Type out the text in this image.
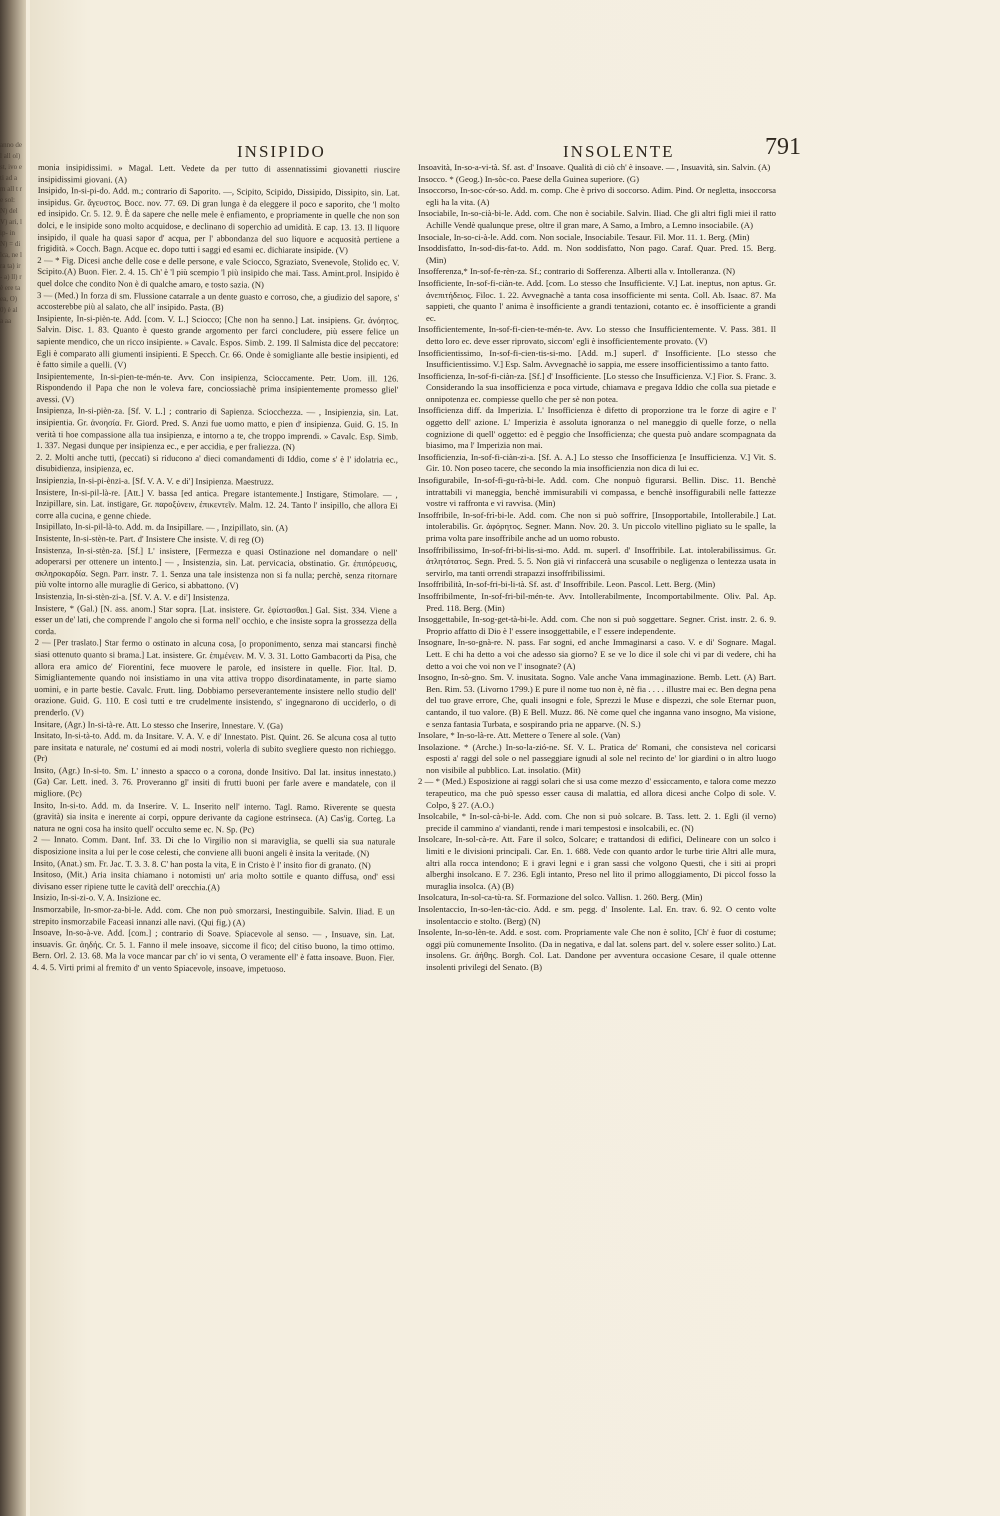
anno del all ol) st, ivo eti ad am all t re sol: N) del V) ari, lip- in N) = di lca, ne lra ta) ir- a) ll) rè ere ta ea, O) 0) è al a aa
INSIPIDO	INSOLENTE	791

monia insipidissimi. » Magal. Lett. Vedete da per tutto di assennatissimi giovanetti riuscire insipidissimi giovani. (A)

Insipido, In-si-pi-do. Add. m.; contrario di Saporito. —, Scipito, Scipido, Dissipido, Dissipito, sin. Lat. insipidus. Gr. ἄγευστος. Bocc. nov. 77. 69. Di gran lunga è da eleggere il poco e saporito, che 'l molto ed insipido. Cr. 5. 12. 9. È da sapere che nelle mele è enfiamento, e propriamente in quelle che non son dolci, e le insipide sono molto acquidose, e declinano di soperchio ad umidità. E cap. 13. 13. Il liquore insipido, il quale ha quasi sapor d' acqua, per l' abbondanza del suo liquore e acquosità pertiene a frigidità. » Cocch. Bagn. Acque ec. dopo tutti i saggi ed esami ec. dichiarate insipide. (V)

2 — * Fig. Dicesi anche delle cose e delle persone, e vale Sciocco, Sgraziato, Svenevole, Stolido ec. V. Scipito.(A) Buon. Fier. 2. 4. 15. Ch' è 'l più scempio 'l più insipido che mai. Tass. Amint.prol. Insipido è quel dolce che condito Non è di qualche amaro, e tosto sazia. (N)

3 — (Med.) In forza di sm. Flussione catarrale a un dente guasto e corroso, che, a giudizio del sapore, s' accosterebbe più al salato, che all' insipido. Pasta. (B)

Insipiente, In-si-pièn-te. Add. [com. V. L.] Sciocco; [Che non ha senno.] Lat. insipiens. Gr. ἀνόητος. Salvin. Disc. 1. 83. Quanto è questo grande argomento per farci concludere, più essere felice un sapiente mendico, che un ricco insipiente. » Cavalc. Espos. Simb. 2. 199. Il Salmista dice del peccatore: Egli è comparato alli giumenti insipienti. E Specch. Cr. 66. Onde è somigliante alle bestie insipienti, ed è fatto simile a quelli. (V)

Insipientemente, In-si-pien-te-mén-te. Avv. Con insipienza, Scioccamente. Petr. Uom. ill. 126. Rispondendo il Papa che non le voleva fare, conciossiachè prima insipientemente promesso gliel' avessi. (V)

Insipienza, In-si-pièn-za. [Sf. V. L.] ; contrario di Sapienza. Sciocchezza. — , Insipienzia, sin. Lat. insipientia. Gr. ἀνοησία. Fr. Giord. Pred. S. Anzi fue uomo matto, e pien d' insipienza. Guid. G. 15. In verità ti hoe compassione alla tua insipienza, e intorno a te, che troppo imprendi. » Cavalc. Esp. Simb. 1. 337. Negasi dunque per insipienza ec., e per accidia, e per fraliezza. (N)

2. 2. Molti anche tutti, (peccati) si riducono a' dieci comandamenti di Iddio, come s' è l' idolatria ec., disubidienza, insipienza, ec.

Insipienzia, In-si-pi-ènzi-a. [Sf. V. A. V. e di'] Insipienza. Maestruzz.

Insistere, In-si-pil-là-re. [Att.] V. bassa [ed antica. Pregare istantemente.] Instigare, Stimolare. — , Inzipillare, sin. Lat. instigare, Gr. παροξύνειν, ἐπικεντεῖν. Malm. 12. 24. Tanto l' insipillo, che allora Ei corre alla cucina, e genne chiede.

Insipillato, In-si-pil-là-to. Add. m. da Insipillare. — , Inzipillato, sin. (A)

Insistente, In-si-stèn-te. Part. d' Insistere Che insiste. V. di reg (O)

Insistenza, In-si-stèn-za. [Sf.] L' insistere, [Fermezza e quasi Ostinazione nel domandare o nell' adoperarsi per ottenere un intento.] — , Insistenzia, sin. Lat. pervicacia, obstinatio. Gr. ἐπιπόρευσις, σκληροκαρδία. Segn. Parr. instr. 7. 1. Senza una tale insistenza non si fa nulla; perchè, senza ritornare più volte intorno alle muraglie di Gerico, si abbattono. (V)

Insistenzia, In-si-stèn-zi-a. [Sf. V. A. V. e di'] Insistenza.

Insistere, * (Gal.) [N. ass. anom.] Star sopra. [Lat. insistere. Gr. ἐφίστασθαι.] Gal. Sist. 334. Viene a esser un de' lati, che comprende l' angolo che si forma nell' occhio, e che insiste sopra la grossezza della corda.

2 — [Per traslato.] Star fermo o ostinato in alcuna cosa, [o proponimento, senza mai stancarsi finchè siasi ottenuto quanto si brama.] Lat. insistere. Gr. ἐπιμένειν. M. V. 3. 31. Lotto Gambacorti da Pisa, che allora era amico de' Fiorentini, fece muovere le parole, ed insistere in quelle. Fior. Ital. D. Simigliantemente quando noi insistiamo in una vita attiva troppo disordinatamente, in parte siamo uomini, e in parte bestie. Cavalc. Frutt. ling. Dobbiamo perseverantemente insistere nello studio dell' orazione. Guid. G. 110. E così tutti e tre crudelmente insistendo, s' ingegnarono di ucciderlo, o di prenderlo. (V)

Insitare, (Agr.) In-si-tà-re. Att. Lo stesso che Inserire, Innestare. V. (Ga)

Insitato, In-si-tà-to. Add. m. da Insitare. V. A. V. e di' Innestato. Pist. Quint. 26. Se alcuna cosa al tutto pare insitata e naturale, ne' costumi ed ai modi nostri, volerla di subito svegliere questo non richieggo. (Pr)

Insito, (Agr.) In-si-to. Sm. L' innesto a spacco o a corona, donde Insitivo. Dal lat. insitus innestato.) (Ga) Car. Lett. ined. 3. 76. Proveranno gl' insiti di frutti buoni per farle avere e mandatele, con il migliore. (Pc)

Insito, In-si-to. Add. m. da Inserire. V. L. Inserito nell' interno. Tagl. Ramo. Riverente se questa (gravità) sia insita e inerente ai corpi, oppure derivante da cagione estrinseca. (A) Cas'ig. Corteg. La natura ne ogni cosa ha insito quell' occulto seme ec. N. Sp. (Pc)

2 — Innato. Comm. Dant. Inf. 33. Di che lo Virgilio non si maraviglia, se quelli sia sua naturale disposizione insita a lui per le cose celesti, che conviene alli buoni angeli è insita la veritade. (N)

Insito, (Anat.) sm. Fr. Jac. T. 3. 3. 8. C' han posta la vita, E in Cristo è l' insito fior di granato. (N)

Insitoso, (Mit.) Aria insita chiamano i notomisti un' aria molto sottile e quanto diffusa, ond' essi divisano esser ripiene tutte le cavità dell' orecchia.(A)

Insizio, In-si-zi-o. V. A. Insizione ec.

Insmorzabile, In-smor-za-bi-le. Add. com. Che non può smorzarsi, Inestinguibile. Salvin. Iliad. E un strepito insmorzabile Faceasi innanzi alle navi. (Qui fig.) (A)

Insoave, In-so-à-ve. Add. [com.] ; contrario di Soave. Spiacevole al senso. — , Insuave, sin. Lat. insuavis. Gr. ἀηδής. Cr. 5. 1. Fanno il mele insoave, siccome il fico; del citiso buono, la timo ottimo. Bern. Orl. 2. 13. 68. Ma la voce mancar par ch' io vi senta, O veramente ell' è fatta insoave. Buon. Fier. 4. 4. 5. Virti primi al fremito d' un vento Spiacevole, insoave, impetuoso.

Insoavità, In-so-a-vi-tà. Sf. ast. d' Insoave. Qualità di ciò ch' è insoave. — , Insuavità, sin. Salvin. (A)

Insocco. * (Geog.) In-sòc-co. Paese della Guinea superiore. (G)

Insoccorso, In-soc-cór-so. Add. m. comp. Che è privo di soccorso. Adim. Pind. Or negletta, insoccorsa egli ha la vita. (A)

Insociabile, In-so-cià-bi-le. Add. com. Che non è sociabile. Salvin. Iliad. Che gli altri figli miei il ratto Achille Vendè qualunque prese, oltre il gran mare, A Samo, a Imbro, a Lemno insociabile. (A)

Insociale, In-so-ci-à-le. Add. com. Non sociale, Insociabile. Tesaur. Fil. Mor. 11. 1. Berg. (Min)

Insoddisfatto, In-sod-dis-fat-to. Add. m. Non soddisfatto, Non pago. Caraf. Quar. Pred. 15. Berg. (Min)

Insofferenza,* In-sof-fe-rèn-za. Sf.; contrario di Sofferenza. Alberti alla v. Intolleranza. (N)

Insofficiente, In-sof-fi-ciàn-te. Add. [com. Lo stesso che Insufficiente. V.] Lat. ineptus, non aptus. Gr. ἀνεπιτήδειος. Filoc. 1. 22. Avvegnachè a tanta cosa insofficiente mi senta. Coll. Ab. Isaac. 87. Ma sappieti, che quanto l' anima è insofficiente a grandi tentazioni, cotanto ec. è insofficiente a grandi ec.

Insofficientemente, In-sof-fi-cien-te-mén-te. Avv. Lo stesso che Insufficientemente. V. Pass. 381. Il detto loro ec. deve esser riprovato, siccom' egli è insofficientemente provato. (V)

Insofficientissimo, In-sof-fi-cien-tis-si-mo. [Add. m.] superl. d' Insofficiente. [Lo stesso che Insufficientissimo. V.] Esp. Salm. Avvegnachè io sappia, me essere insofficientissimo a tanto fatto.

Insofficienza, In-sof-fi-ciàn-za. [Sf.] d' Insofficiente. [Lo stesso che Insufficienza. V.] Fior. S. Franc. 3. Considerando la sua insofficienza e poca virtude, chiamava e pregava Iddio che colla sua pietade e onnipotenza ec. compiesse quello che per sè non potea.

Insofficienza diff. da Imperizia. L' Insofficienza è difetto di proporzione tra le forze di agire e l' oggetto dell' azione. L' Imperizia è assoluta ignoranza o nel maneggio di quelle forze, o nella cognizione di quell' oggetto: ed è peggio che Insofficienza; che questa può andare scompagnata da biasimo, ma l' Imperizia non mai.

Insofficienzia, In-sof-fi-ciàn-zi-a. [Sf. A. A.] Lo stesso che Insofficienza [e Insufficienza. V.] Vit. S. Gir. 10. Non poseo tacere, che secondo la mia insofficienzia non dica di lui ec.

Insofigurabile, In-sof-fi-gu-rà-bi-le. Add. com. Che nonpuò figurarsi. Bellin. Disc. 11. Benchè intrattabili vi maneggia, benchè immisurabili vi compassa, e benchè insoffigurabili nelle fattezze vostre vi raffronta e vi ravvisa. (Min)

Insoffribile, In-sof-frì-bi-le. Add. com. Che non si può soffrire, [Insopportabile, Intollerabile.] Lat. intolerabilis. Gr. ἀφόρητος. Segner. Mann. Nov. 20. 3. Un piccolo vitellino pigliato su le spalle, la prima volta pare insoffribile anche ad un uomo robusto.

Insoffribilissimo, In-sof-fri-bi-lis-si-mo. Add. m. superl. d' Insoffribile. Lat. intolerabilissimus. Gr. ἀτλητότατος. Segn. Pred. 5. 5. Non già vi rinfaccerà una scusabile o negligenza o lentezza usata in servirlo, ma tanti orrendi strapazzi insoffribilissimi.

Insoffribilità, In-sof-fri-bi-li-tà. Sf. ast. d' Insoffribile. Leon. Pascol. Lett. Berg. (Min)

Insoffribilmente, In-sof-fri-bil-mén-te. Avv. Intollerabilmente, Incomportabilmente. Oliv. Pal. Ap. Pred. 118. Berg. (Min)

Insoggettabile, In-sog-get-tà-bi-le. Add. com. Che non si può soggettare. Segner. Crist. instr. 2. 6. 9. Proprio affatto di Dio è l' essere insoggettabile, e l' essere independente.

Insognare, In-so-gnà-re. N. pass. Far sogni, ed anche Immaginarsi a caso. V. e di' Sognare. Magal. Lett. E chi ha detto a voi che adesso sia giorno? E se ve lo dice il sole chi vi par di vedere, chi ha detto a voi che voi non ve l' insognate? (A)

Insogno, In-sò-gno. Sm. V. inusitata. Sogno. Vale anche Vana immaginazione. Bemb. Lett. (A) Bart. Ben. Rim. 53. (Livorno 1799.) E pure il nome tuo non è, nè fia . . . . illustre mai ec. Ben degna pena del tuo grave errore, Che, quali insogni e fole, Sprezzi le Muse e dispezzi, che sole Eternar puon, cantando, il tuo valore. (B) E Bell. Muzz. 86. Nè come quel che inganna vano insogno, Ma visione, e senza fantasia Turbata, e sospirando pria ne apparve. (N. S.)

Insolare, * In-so-là-re. Att. Mettere o Tenere al sole. (Van)

Insolazione. * (Arche.) In-so-la-zió-ne. Sf. V. L. Pratica de' Romani, che consisteva nel coricarsi esposti a' raggi del sole o nel passeggiare ignudi al sole nel recinto de' lor giardini o in altro luogo non visibile al pubblico. Lat. insolatio. (Mit)

2 — * (Med.) Esposizione ai raggi solari che si usa come mezzo d' essiccamento, e talora come mezzo terapeutico, ma che può spesso esser causa di malattia, ed allora dicesi anche Colpo di sole. V. Colpo, § 27. (A.O.)

Insolcabile, * In-sol-cà-bi-le. Add. com. Che non si può solcare. B. Tass. lett. 2. 1. Egli (il verno) precide il cammino a' viandanti, rende i mari tempestosi e insolcabili, ec. (N)

Insolcare, In-sol-cà-re. Att. Fare il solco, Solcare; e trattandosi di edifici, Delineare con un solco i limiti e le divisioni principali. Car. En. 1. 688. Vede con quanto ardor le turbe tirie Altri alle mura, altri alla rocca intendono; E i gravi legni e i gran sassi che volgono Questi, che i siti ai propri alberghi insolcano. E 7. 236. Egli intanto, Preso nel lito il primo alloggiamento, Di piccol fosso la muraglia insolca. (A) (B)

Insolcatura, In-sol-ca-tù-ra. Sf. Formazione del solco. Vallisn. 1. 260. Berg. (Min)

Insolentaccio, In-so-len-tàc-cio. Add. e sm. pegg. d' Insolente. Lal. En. trav. 6. 92. O cento volte insolentaccio e stolto. (Berg) (N)

Insolente, In-so-lèn-te. Add. e sost. com. Propriamente vale Che non è solito, [Ch' è fuor di costume; oggi più comunemente Insolito. (Da in negativa, e dal lat. solens part. del v. solere esser solito.) Lat. insolens. Gr. ἀήθης. Borgh. Col. Lat. Dandone per avventura occasione Cesare, il quale ottenne insolenti privilegi del Senato. (B)
